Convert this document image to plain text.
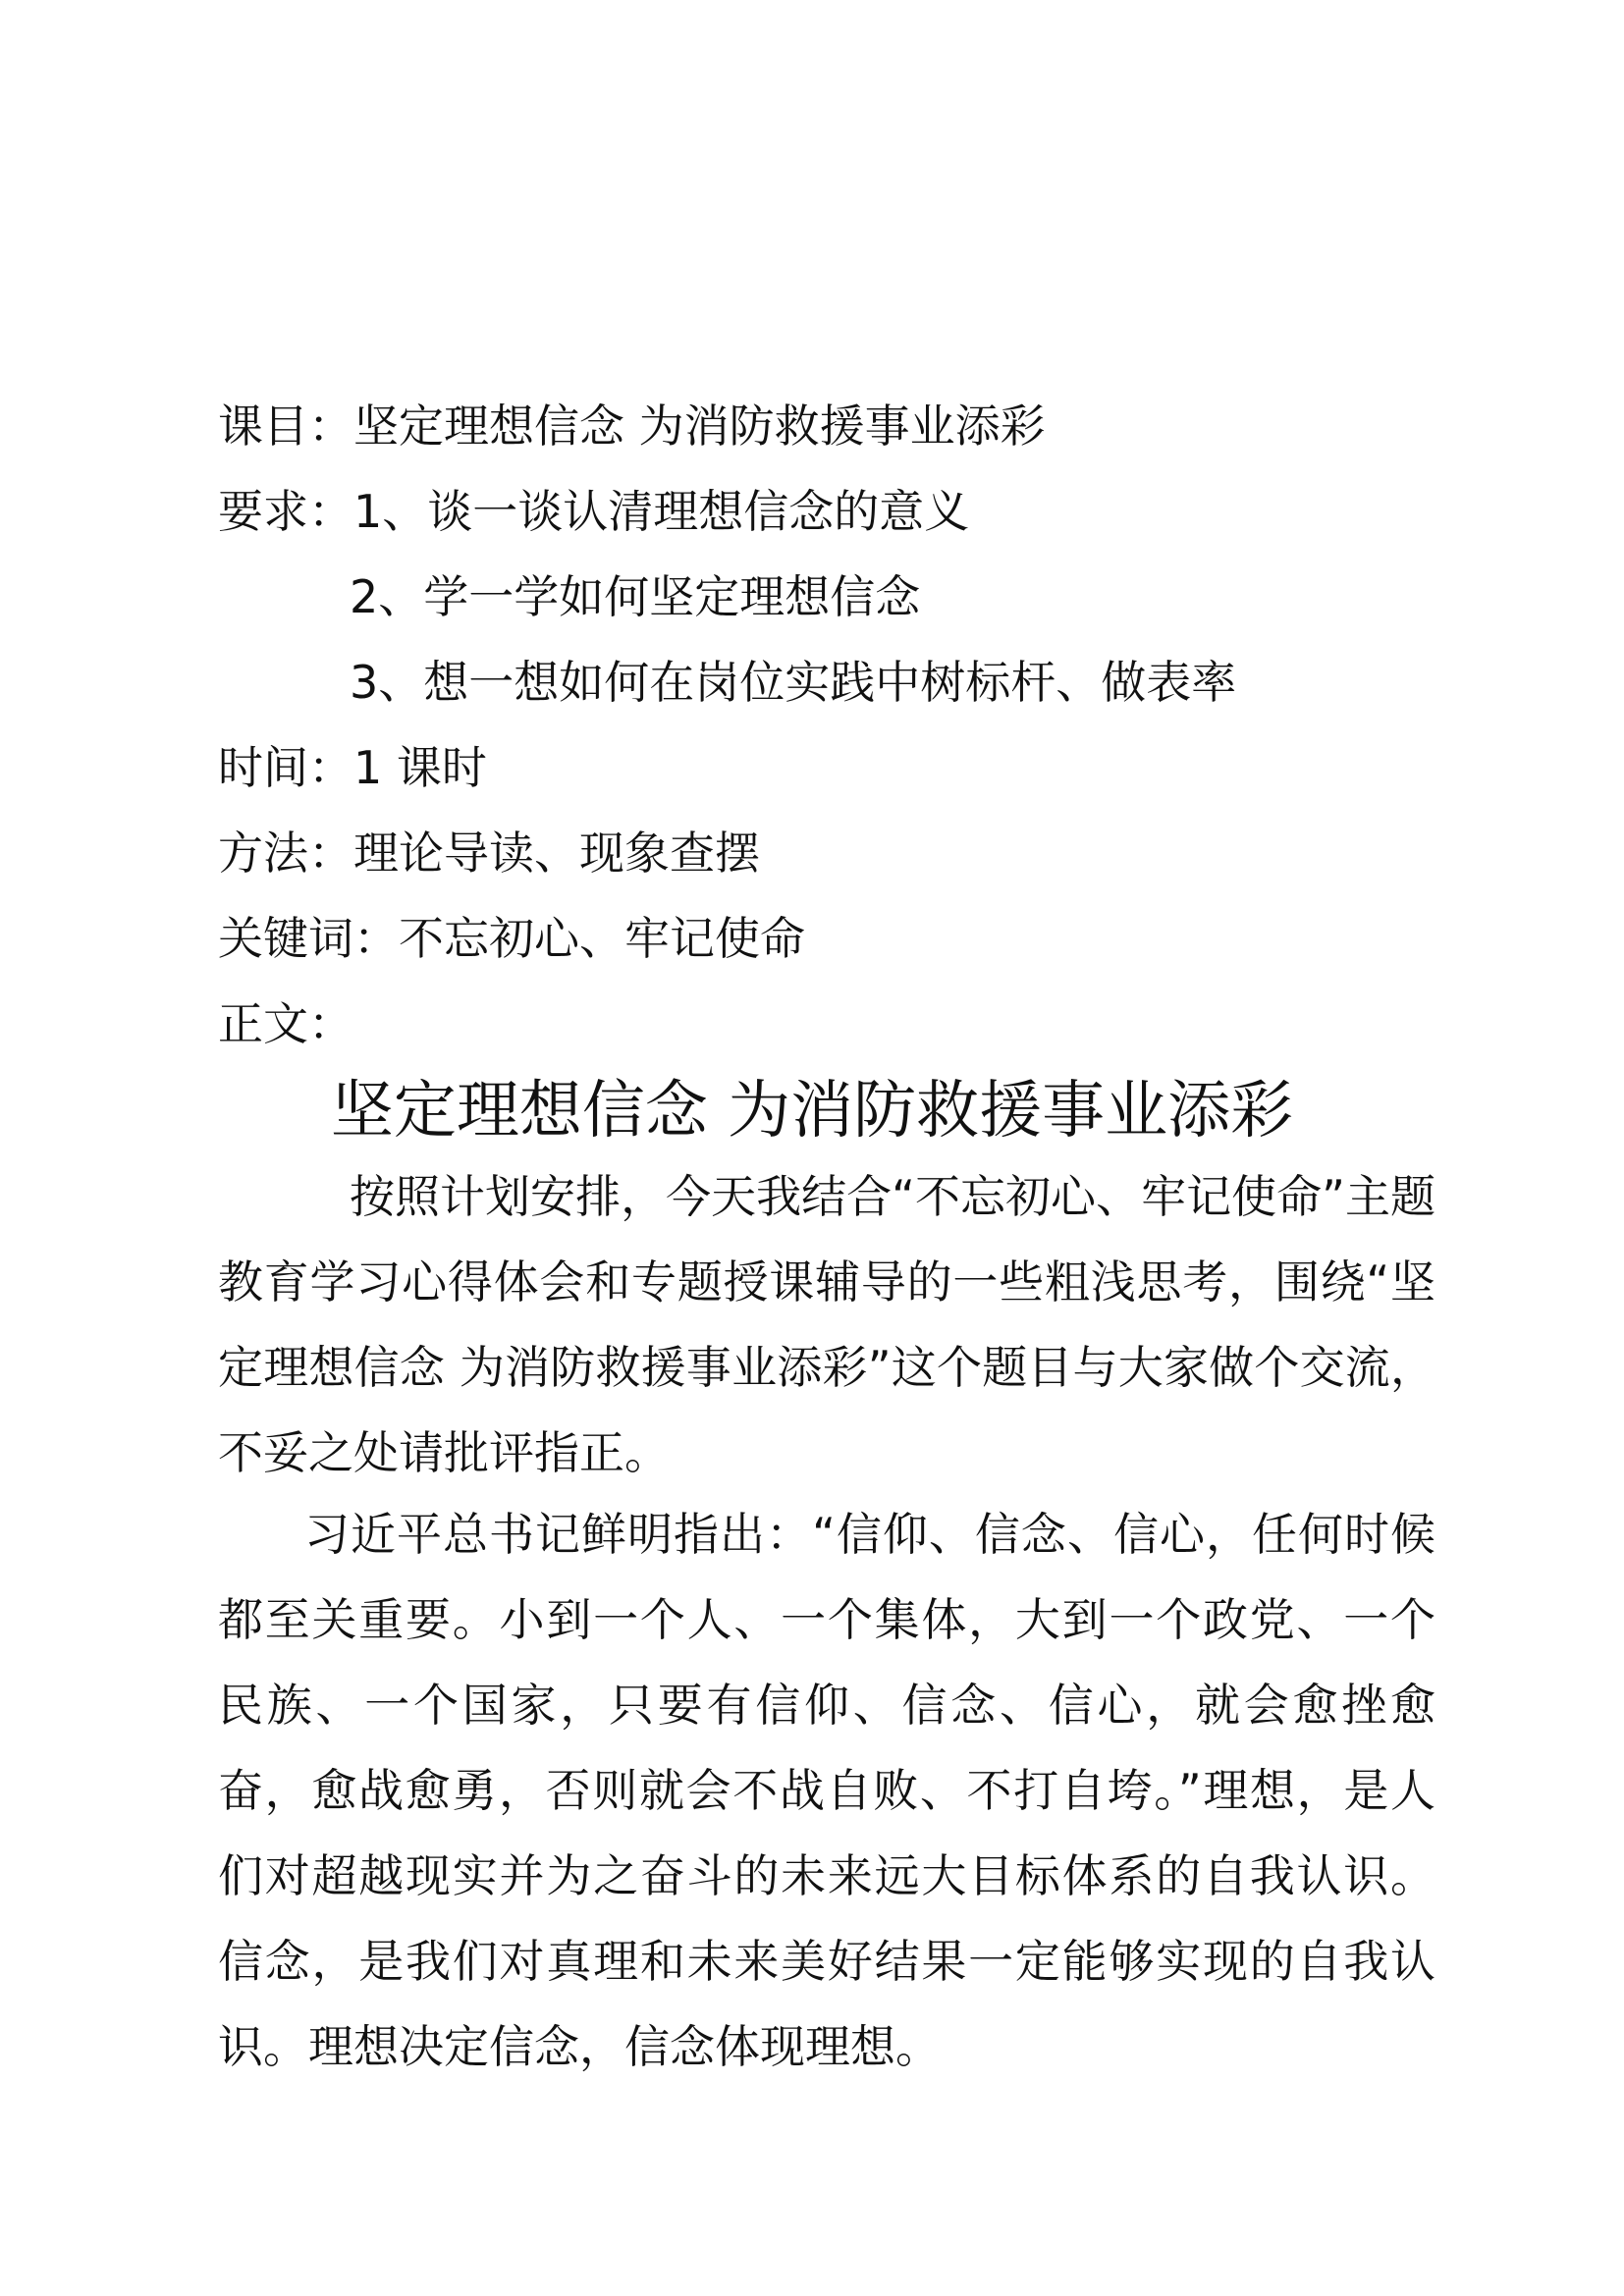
课目：坚定理想信念 为消防救援事业添彩
要求：1、谈一谈认清理想信念的意义
2、学一学如何坚定理想信念
3、想一想如何在岗位实践中树标杆、做表率
时间：1 课时
方法：理论导读、现象查摆
关键词：不忘初心、牢记使命
正文：
坚定理想信念 为消防救援事业添彩
按照计划安排，今天我结合“不忘初心、牢记使命”主题教育学习心得体会和专题授课辅导的一些粗浅思考，围绕“坚定理想信念 为消防救援事业添彩”这个题目与大家做个交流，不妥之处请批评指正。
习近平总书记鲜明指出：“信仰、信念、信心，任何时候都至关重要。小到一个人、一个集体，大到一个政党、一个民族、一个国家，只要有信仰、信念、信心，就会愈挫愈奋，愈战愈勇，否则就会不战自败、不打自垮。”理想，是人们对超越现实并为之奋斗的未来远大目标体系的自我认识。信念，是我们对真理和未来美好结果一定能够实现的自我认识。理想决定信念，信念体现理想。
